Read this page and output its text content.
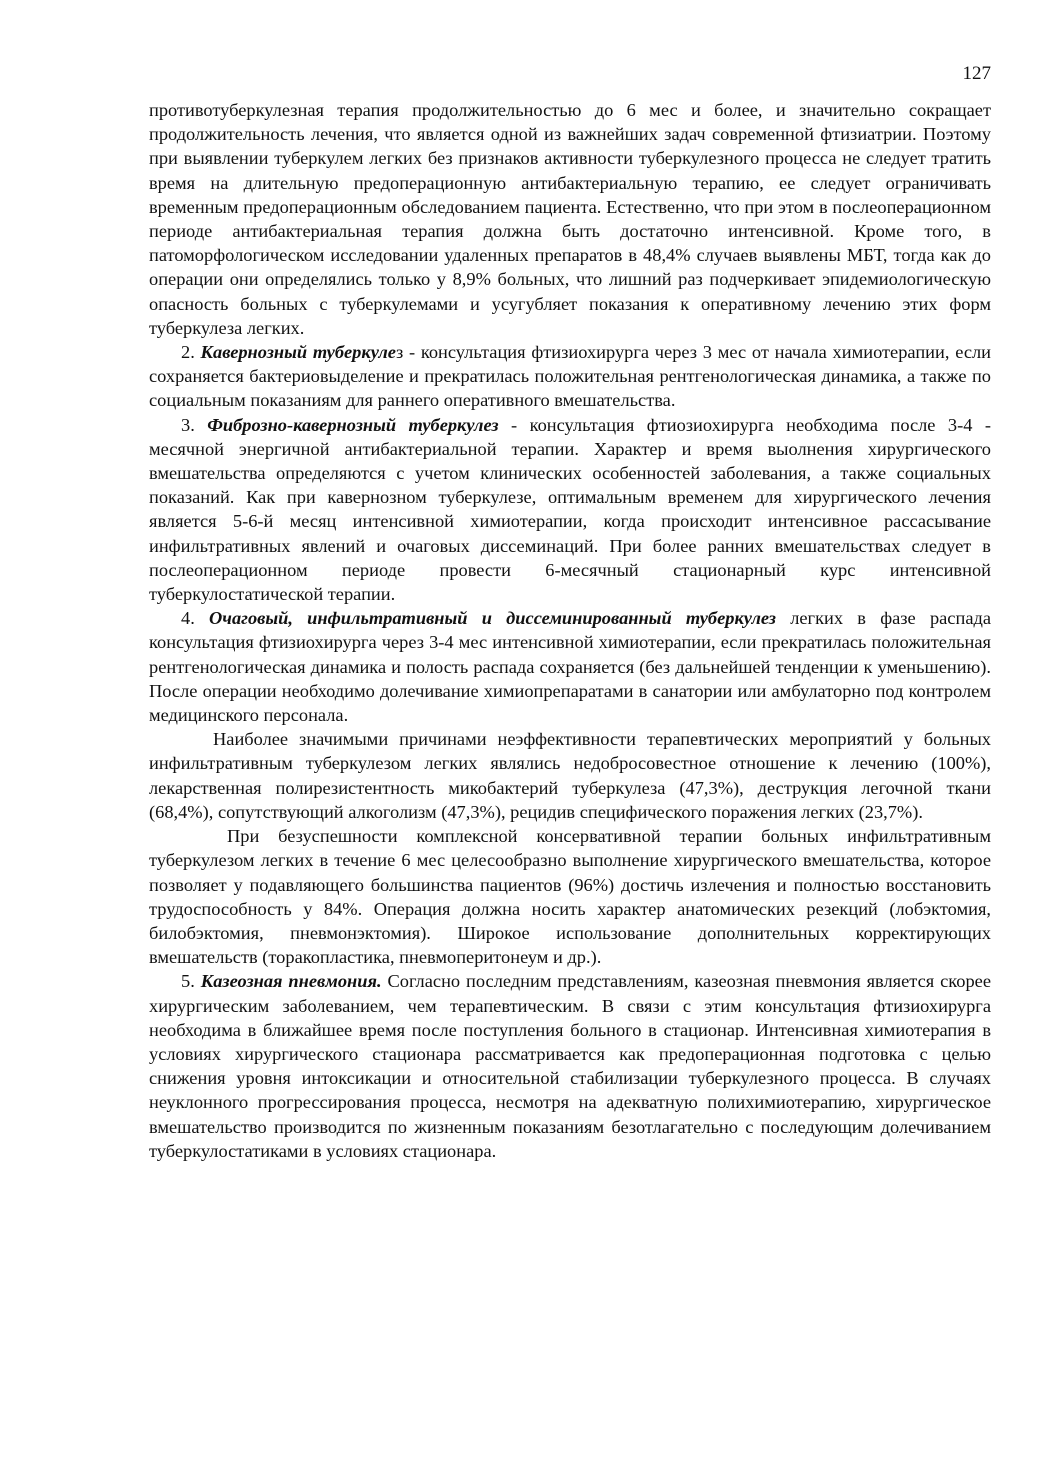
127

противотуберкулезная терапия продолжительностью до 6 мес и более, и значительно сокращает продолжительность лечения, что является одной из важнейших задач современной фтизиатрии. Поэтому при выявлении туберкулем легких без признаков активности туберкулезного процесса не следует тратить время на длительную предоперационную антибактериальную терапию, ее следует ограничивать временным предоперационным обследованием пациента. Естественно, что при этом в послеоперационном периоде антибактериальная терапия должна быть достаточно интенсивной. Кроме того, в патоморфологическом исследовании удаленных препаратов в 48,4% случаев выявлены МБТ, тогда как до операции они определялись только у 8,9% больных, что лишний раз подчеркивает эпидемиологическую опасность больных с туберкулемами и усугубляет показания к оперативному лечению этих форм туберкулеза легких.

2. Кавернозный туберкулез - консультация фтизиохирурга через 3 мес от начала химиотерапии, если сохраняется бактериовыделение и прекратилась положительная рентгенологическая динамика, а также по социальным показаниям для раннего оперативного вмешательства.

3. Фиброзно-кавернозный туберкулез - консультация фтиозиохирурга необходима после 3-4 - месячной энергичной антибактериальной терапии. Характер и время выолнения хирургического вмешательства определяются с учетом клинических особенностей заболевания, а также социальных показаний. Как при кавернозном туберкулезе, оптимальным временем для хирургического лечения является 5-6-й месяц интенсивной химиотерапии, когда происходит интенсивное рассасывание инфильтративных явлений и очаговых диссеминаций. При более ранних вмешательствах следует в послеоперационном периоде провести 6-месячный стационарный курс интенсивной туберкулостатической терапии.

4. Очаговый, инфильтративный и диссеминированный туберкулез легких в фазе распада консультация фтизиохирурга через 3-4 мес интенсивной химиотерапии, если прекратилась положительная рентгенологическая динамика и полость распада сохраняется (без дальнейшей тенденции к уменьшению). После операции необходимо долечивание химиопрепаратами в санатории или амбулаторно под контролем медицинского персонала.

Наиболее значимыми причинами неэффективности терапевтических мероприятий у больных инфильтративным туберкулезом легких являлись недобросовестное отношение к лечению (100%), лекарственная полирезистентность микобактерий туберкулеза (47,3%), деструкция легочной ткани (68,4%), сопутствующий алкоголизм (47,3%), рецидив специфического поражения легких (23,7%).

При безуспешности комплексной консервативной терапии больных инфильтративным туберкулезом легких в течение 6 мес целесообразно выполнение хирургического вмешательства, которое позволяет у подавляющего большинства пациентов (96%) достичь излечения и полностью восстановить трудоспособность у 84%. Операция должна носить характер анатомических резекций (лобэктомия, билобэктомия, пневмонэктомия). Широкое использование дополнительных корректирующих вмешательств (торакопластика, пневмоперитонеум и др.).

5. Казеозная пневмония. Согласно последним представлениям, казеозная пневмония является скорее хирургическим заболеванием, чем терапевтическим. В связи с этим консультация фтизиохирурга необходима в ближайшее время после поступления больного в стационар. Интенсивная химиотерапия в условиях хирургического стационара рассматривается как предоперационная подготовка с целью снижения уровня интоксикации и относительной стабилизации туберкулезного процесса. В случаях неуклонного прогрессирования процесса, несмотря на адекватную полихимиотерапию, хирургическое вмешательство производится по жизненным показаниям безотлагательно с последующим долечиванием туберкулостатиками в условиях стационара.
